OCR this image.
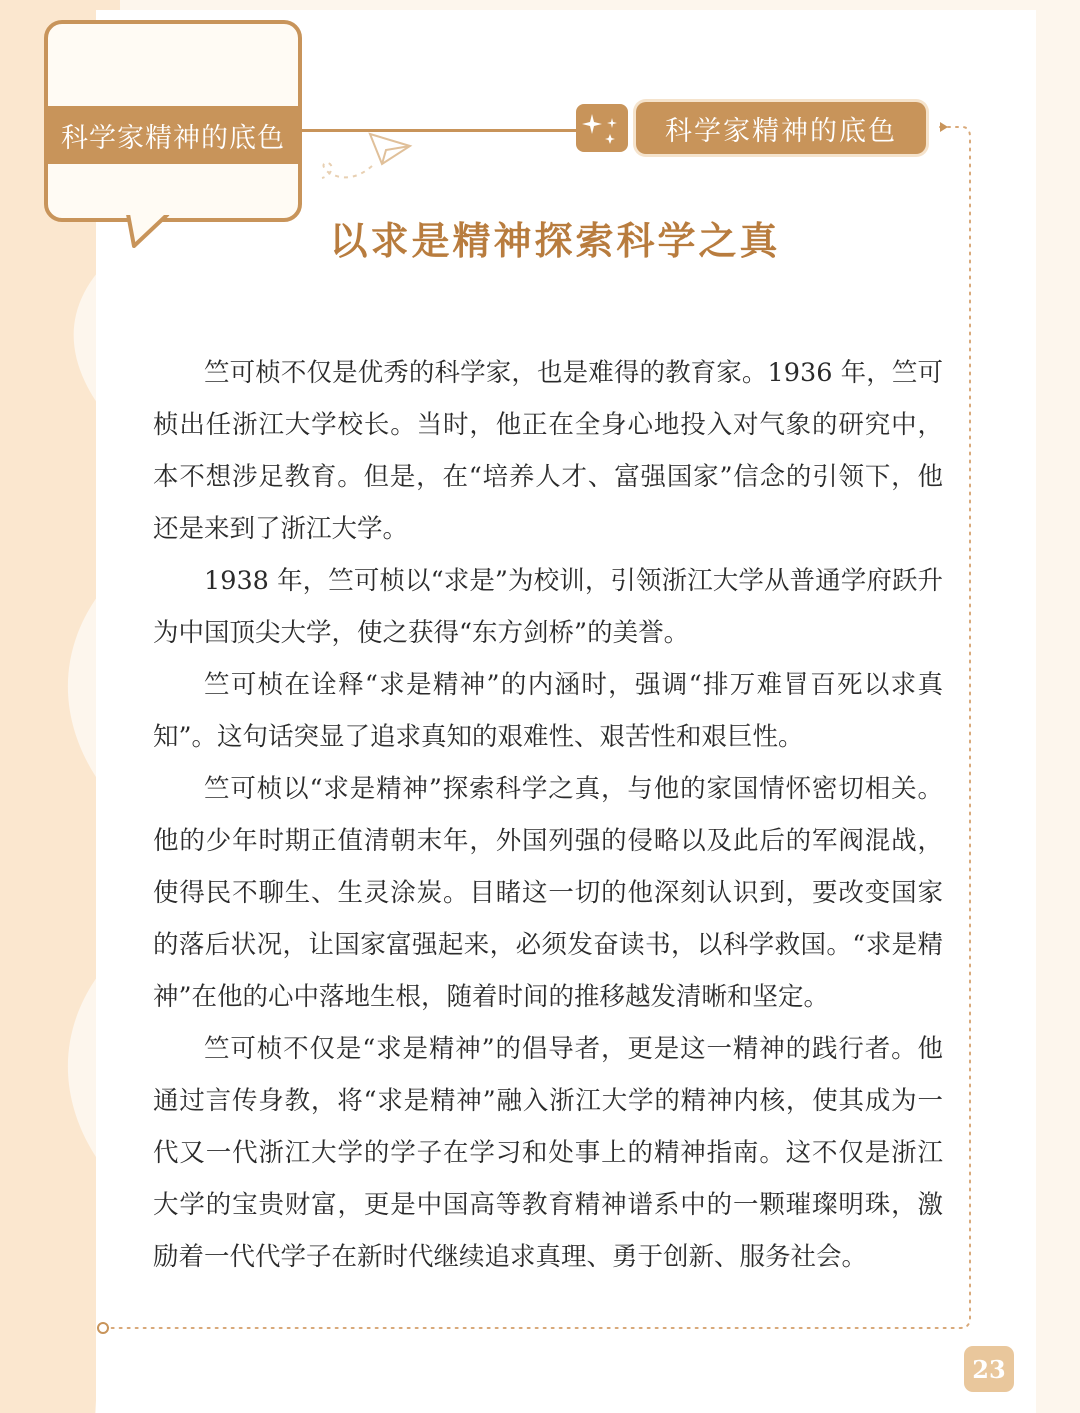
科学家精神的底色	科学家精神的底色
以求是精神探索科学之真

竺可桢不仅是优秀的科学家，也是难得的教育家。1936 年，竺可桢出任浙江大学校长。当时，他正在全身心地投入对气象的研究中，本不想涉足教育。但是，在“培养人才、富强国家”信念的引领下，他还是来到了浙江大学。

1938 年，竺可桢以“求是”为校训，引领浙江大学从普通学府跃升为中国顶尖大学，使之获得“东方剑桥”的美誉。

竺可桢在诠释“求是精神”的内涵时，强调“排万难冒百死以求真知”。这句话突显了追求真知的艰难性、艰苦性和艰巨性。

竺可桢以“求是精神”探索科学之真，与他的家国情怀密切相关。他的少年时期正值清朝末年，外国列强的侵略以及此后的军阀混战，使得民不聊生、生灵涂炭。目睹这一切的他深刻认识到，要改变国家的落后状况，让国家富强起来，必须发奋读书，以科学救国。“求是精神”在他的心中落地生根，随着时间的推移越发清晰和坚定。

竺可桢不仅是“求是精神”的倡导者，更是这一精神的践行者。他通过言传身教，将“求是精神”融入浙江大学的精神内核，使其成为一代又一代浙江大学的学子在学习和处事上的精神指南。这不仅是浙江大学的宝贵财富，更是中国高等教育精神谱系中的一颗璀璨明珠，激励着一代代学子在新时代继续追求真理、勇于创新、服务社会。

23
